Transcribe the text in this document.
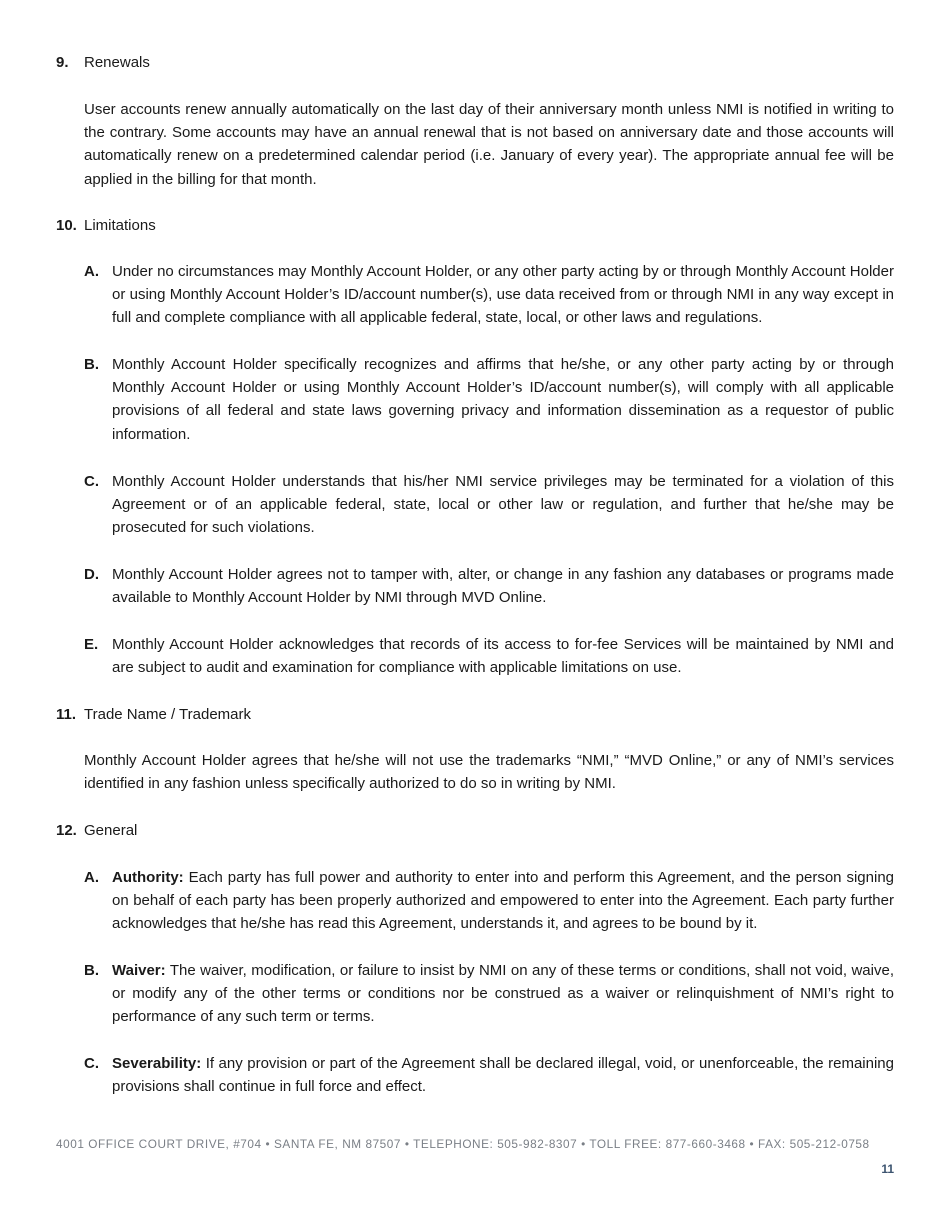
9. Renewals

User accounts renew annually automatically on the last day of their anniversary month unless NMI is notified in writing to the contrary. Some accounts may have an annual renewal that is not based on anniversary date and those accounts will automatically renew on a predetermined calendar period (i.e. January of every year). The appropriate annual fee will be applied in the billing for that month.

10. Limitations
A. Under no circumstances may Monthly Account Holder, or any other party acting by or through Monthly Account Holder or using Monthly Account Holder’s ID/account number(s), use data received from or through NMI in any way except in full and complete compliance with all applicable federal, state, local, or other laws and regulations.
B. Monthly Account Holder specifically recognizes and affirms that he/she, or any other party acting by or through Monthly Account Holder or using Monthly Account Holder’s ID/account number(s), will comply with all applicable provisions of all federal and state laws governing privacy and information dissemination as a requestor of public information.
C. Monthly Account Holder understands that his/her NMI service privileges may be terminated for a violation of this Agreement or of an applicable federal, state, local or other law or regulation, and further that he/she may be prosecuted for such violations.
D. Monthly Account Holder agrees not to tamper with, alter, or change in any fashion any databases or programs made available to Monthly Account Holder by NMI through MVD Online.
E. Monthly Account Holder acknowledges that records of its access to for-fee Services will be maintained by NMI and are subject to audit and examination for compliance with applicable limitations on use.
11. Trade Name / Trademark

Monthly Account Holder agrees that he/she will not use the trademarks “NMI,” “MVD Online,” or any of NMI’s services identified in any fashion unless specifically authorized to do so in writing by NMI.

12. General
A. Authority: Each party has full power and authority to enter into and perform this Agreement, and the person signing on behalf of each party has been properly authorized and empowered to enter into the Agreement. Each party further acknowledges that he/she has read this Agreement, understands it, and agrees to be bound by it.
B. Waiver: The waiver, modification, or failure to insist by NMI on any of these terms or conditions, shall not void, waive, or modify any of the other terms or conditions nor be construed as a waiver or relinquishment of NMI’s right to performance of any such term or terms.
C. Severability: If any provision or part of the Agreement shall be declared illegal, void, or unenforceable, the remaining provisions shall continue in full force and effect.
4001 OFFICE COURT DRIVE, #704 • SANTA FE, NM 87507 • TELEPHONE: 505-982-8307 • TOLL FREE: 877-660-3468 • FAX: 505-212-0758
11
